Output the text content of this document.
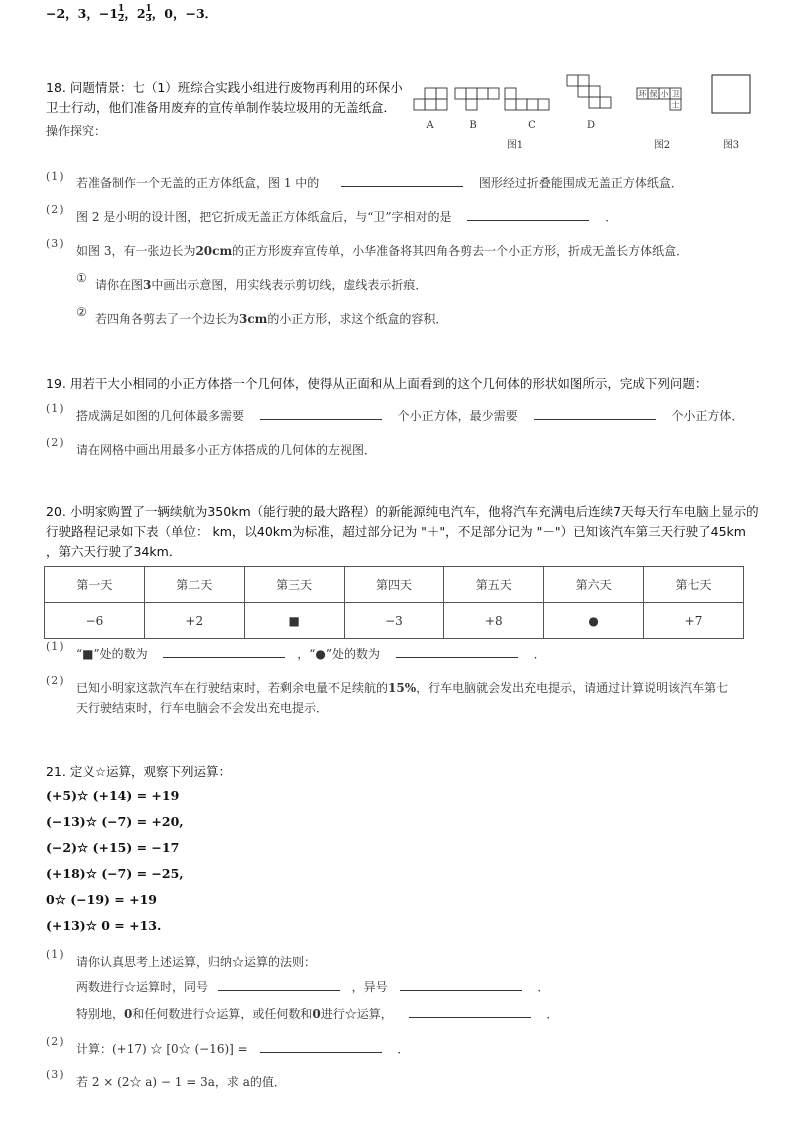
−2，3，$-1 \frac{1}{2}$ ，$2 \frac{1}{3}$ ，0，−3．
18. 问题情景：七（1）班综合实践小组进行废物再利用的环保小
卫士行动，他们准备用废弃的宣传单制作装垃圾用的无盖纸盒．
操作探究：
环 保 小 卫
士
A	B	C	D
图1	图2	图3
(1) 若准备制作一个无盖的正方体纸盒，图 1 中的	图形经过折叠能围成无盖正方体纸盒．
(2)
图 2 是小明的设计图，把它折成无盖正方体纸盒后，与“卫”字相对的是	．
(3)
如图 3，有一张边长为20cm的正方形废弃宣传单，小华准备将其四角各剪去一个小正方形，折成无盖长方体纸盒．
① 请你在图3中画出示意图，用实线表示剪切线，虚线表示折痕．
② 若四角各剪去了一个边长为3cm的小正方形，求这个纸盒的容积．
19. 用若干大小相同的小正方体搭一个几何体，使得从正面和从上面看到的这个几何体的形状如图所示，完成下列问题：
(1)
搭成满足如图的几何体最多需要	个小正方体，最少需要	个小正方体．
(2)
请在网格中画出用最多小正方体搭成的几何体的左视图．
20. 小明家购置了一辆续航为350km（能行驶的最大路程）的新能源纯电汽车，他将汽车充满电后连续7天每天行车电脑上显示的
行驶路程记录如下表（单位： km，以40km为标准，超过部分记为 "＋"，不足部分记为 "－"）已知该汽车第三天行驶了45km
，第六天行驶了34km．
第一天	第二天	第三天	第四天	第五天	第六天	第七天
−6	+2	■	−3	+8	●	+7
(1)
“■”处的数为	，“●”处的数为	．
(2)
已知小明家这款汽车在行驶结束时，若剩余电量不足续航的15%，行车电脑就会发出充电提示，请通过计算说明该汽车第七
天行驶结束时，行车电脑会不会发出充电提示．
21. 定义☆运算，观察下列运算：
(+5)☆ (+14) = +19
(−13)☆ (−7) = +20,
(−2)☆ (+15) = −17
(+18)☆ (−7) = −25,
0☆ (−19) = +19
(+13)☆ 0 = +13.
(1)
请你认真思考上述运算，归纳☆运算的法则：
两数进行☆运算时，同号	，异号	．
特别地，0和任何数进行☆运算，或任何数和0进行☆运算，	．
(2)
计算：(+17) ☆ [0☆ (−16)] =	．
(3)
若 2 × (2☆ a) − 1 = 3a，求 a的值．
